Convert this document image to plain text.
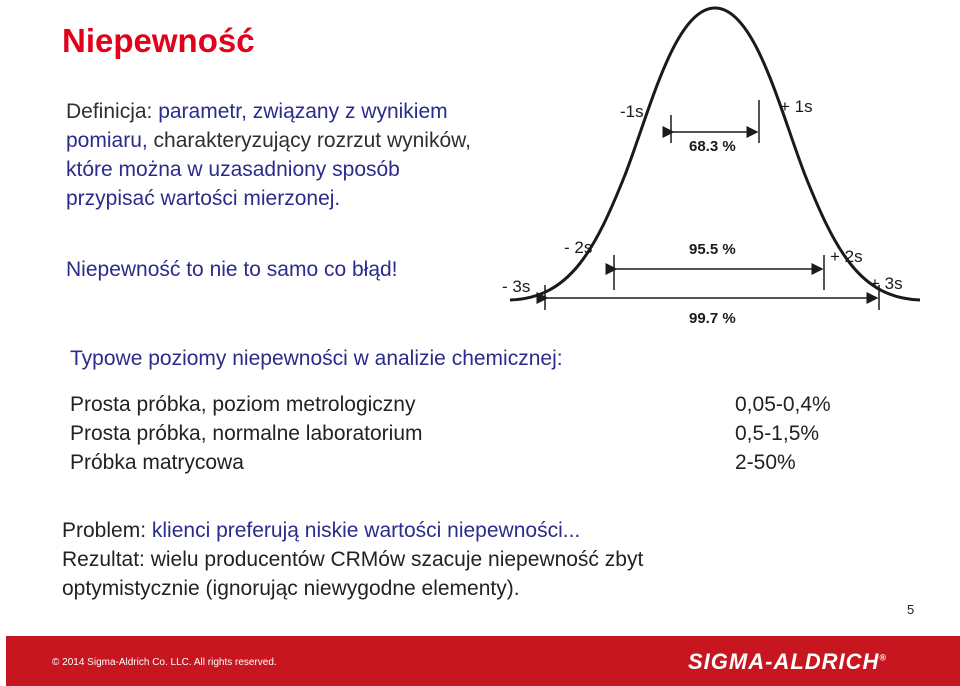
Niepewność
Definicja: parametr, związany z wynikiem
pomiaru, charakteryzujący rozrzut wyników,
które można w uzasadniony sposób
przypisać wartości mierzonej.
Niepewność to nie to samo co błąd!
-1s	+ 1s
68.3 %
- 2s	95.5 %	+ 2s
- 3s	+ 3s
99.7 %
Typowe poziomy niepewności w analizie chemicznej:
Prosta próbka, poziom metrologiczny	0,05-0,4%
Prosta próbka, normalne laboratorium	0,5-1,5%
Próbka matrycowa	2-50%
Problem: klienci preferują niskie wartości niepewności...
Rezultat: wielu producentów CRMów szacuje niepewność zbyt
optymistycznie (ignorując niewygodne elementy).
5
© 2014 Sigma-Aldrich Co. LLC. All rights reserved.	SIGMA-ALDRICH®
